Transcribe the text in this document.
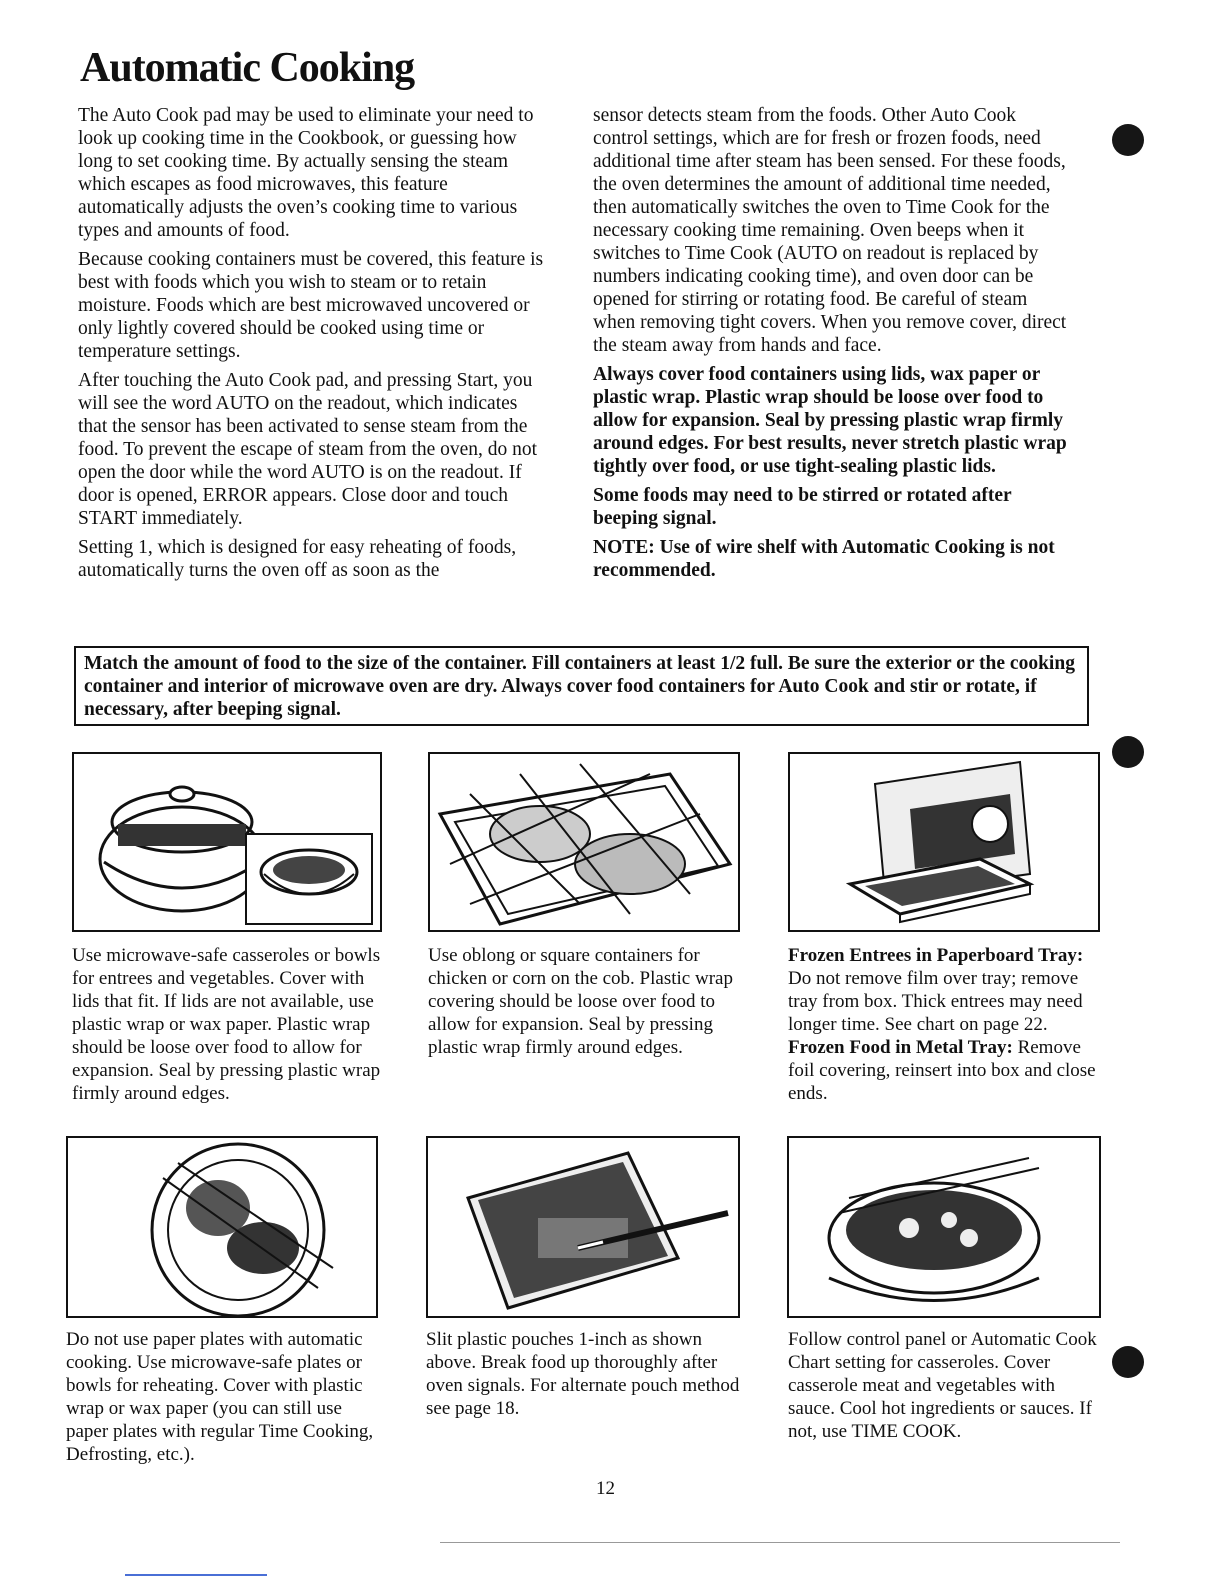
Automatic Cooking

The Auto Cook pad may be used to eliminate your need to look up cooking time in the Cookbook, or guessing how long to set cooking time. By actually sensing the steam which escapes as food microwaves, this feature automatically adjusts the oven’s cooking time to various types and amounts of food.

Because cooking containers must be covered, this feature is best with foods which you wish to steam or to retain moisture. Foods which are best microwaved uncovered or only lightly covered should be cooked using time or temperature settings.

After touching the Auto Cook pad, and pressing Start, you will see the word AUTO on the readout, which indicates that the sensor has been activated to sense steam from the food. To prevent the escape of steam from the oven, do not open the door while the word AUTO is on the readout. If door is opened, ERROR appears. Close door and touch START immediately.

Setting 1, which is designed for easy reheating of foods, automatically turns the oven off as soon as the

sensor detects steam from the foods. Other Auto Cook control settings, which are for fresh or frozen foods, need additional time after steam has been sensed. For these foods, the oven determines the amount of additional time needed, then automatically switches the oven to Time Cook for the necessary cooking time remaining. Oven beeps when it switches to Time Cook (AUTO on readout is replaced by numbers indicating cooking time), and oven door can be opened for stirring or rotating food. Be careful of steam when removing tight covers. When you remove cover, direct the steam away from hands and face.

Always cover food containers using lids, wax paper or plastic wrap. Plastic wrap should be loose over food to allow for expansion. Seal by pressing plastic wrap firmly around edges. For best results, never stretch plastic wrap tightly over food, or use tight-sealing plastic lids.

Some foods may need to be stirred or rotated after beeping signal.

NOTE: Use of wire shelf with Automatic Cooking is not recommended.

Match the amount of food to the size of the container. Fill containers at least 1/2 full. Be sure the exterior or the cooking container and interior of microwave oven are dry. Always cover food containers for Auto Cook and stir or rotate, if necessary, after beeping signal.
Use microwave-safe casseroles or bowls for entrees and vegetables. Cover with lids that fit. If lids are not available, use plastic wrap or wax paper. Plastic wrap should be loose over food to allow for expansion. Seal by pressing plastic wrap firmly around edges.
Use oblong or square containers for chicken or corn on the cob. Plastic wrap covering should be loose over food to allow for expansion. Seal by pressing plastic wrap firmly around edges.
Frozen Entrees in Paperboard Tray: Do not remove film over tray; remove tray from box. Thick entrees may need longer time. See chart on page 22. Frozen Food in Metal Tray: Remove foil covering, reinsert into box and close ends.
Do not use paper plates with automatic cooking. Use microwave-safe plates or bowls for reheating. Cover with plastic wrap or wax paper (you can still use paper plates with regular Time Cooking, Defrosting, etc.).
Slit plastic pouches 1-inch as shown above. Break food up thoroughly after oven signals. For alternate pouch method see page 18.
Follow control panel or Automatic Cook Chart setting for casseroles. Cover casserole meat and vegetables with sauce. Cool hot ingredients or sauces. If not, use TIME COOK.
12
